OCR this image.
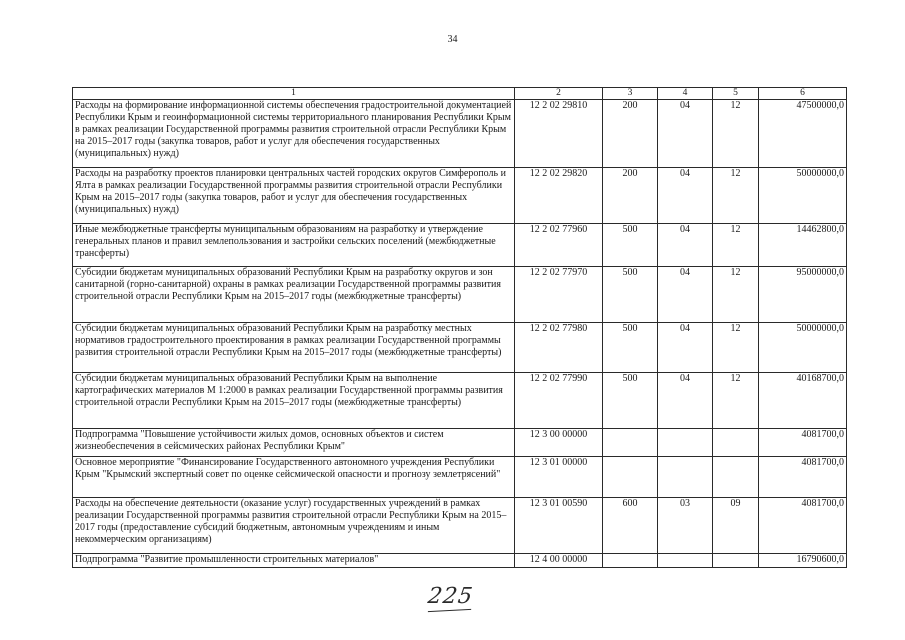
34
1	2	3	4	5	6
Расходы на формирование информационной системы обеспечения градостроительной документацией Республики Крым и геоинформационной системы территориального планирования Республики Крым в рамках реализации Государственной программы развития строительной отрасли Республики Крым на 2015–2017 годы (закупка товаров, работ и услуг для обеспечения государственных (муниципальных) нужд)	12 2 02 29810	200	04	12	47500000,0
Расходы на разработку проектов планировки центральных частей городских округов Симферополь и Ялта в рамках реализации Государственной программы развития строительной отрасли Республики Крым на 2015–2017 годы (закупка товаров, работ и услуг для обеспечения государственных (муниципальных) нужд)	12 2 02 29820	200	04	12	50000000,0
Иные межбюджетные трансферты муниципальным образованиям на разработку и утверждение генеральных планов и правил землепользования и застройки сельских поселений (межбюджетные трансферты)	12 2 02 77960	500	04	12	14462800,0
Субсидии бюджетам муниципальных образований Республики Крым на разработку округов и зон санитарной (горно-санитарной) охраны в рамках реализации Государственной программы развития строительной отрасли Республики Крым на 2015–2017 годы (межбюджетные трансферты)	12 2 02 77970	500	04	12	95000000,0
Субсидии бюджетам муниципальных образований Республики Крым на разработку местных нормативов градостроительного проектирования в рамках реализации Государственной программы развития строительной отрасли Республики Крым на 2015–2017 годы (межбюджетные трансферты)	12 2 02 77980	500	04	12	50000000,0
Субсидии бюджетам муниципальных образований Республики Крым на выполнение картографических материалов М 1:2000 в рамках реализации Государственной программы развития строительной отрасли Республики Крым на 2015–2017 годы (межбюджетные трансферты)	12 2 02 77990	500	04	12	40168700,0
Подпрограмма "Повышение устойчивости жилых домов, основных объектов и систем жизнеобеспечения в сейсмических районах Республики Крым"	12 3 00 00000				4081700,0
Основное мероприятие "Финансирование Государственного автономного учреждения Республики Крым "Крымский экспертный совет по оценке сейсмической опасности и прогнозу землетрясений"	12 3 01 00000				4081700,0
Расходы на обеспечение деятельности (оказание услуг) государственных учреждений в рамках реализации Государственной программы развития строительной отрасли Республики Крым на 2015–2017 годы (предоставление субсидий бюджетным, автономным учреждениям и иным некоммерческим организациям)	12 3 01 00590	600	03	09	4081700,0
Подпрограмма "Развитие промышленности строительных материалов"	12 4 00 00000				16790600,0
225
